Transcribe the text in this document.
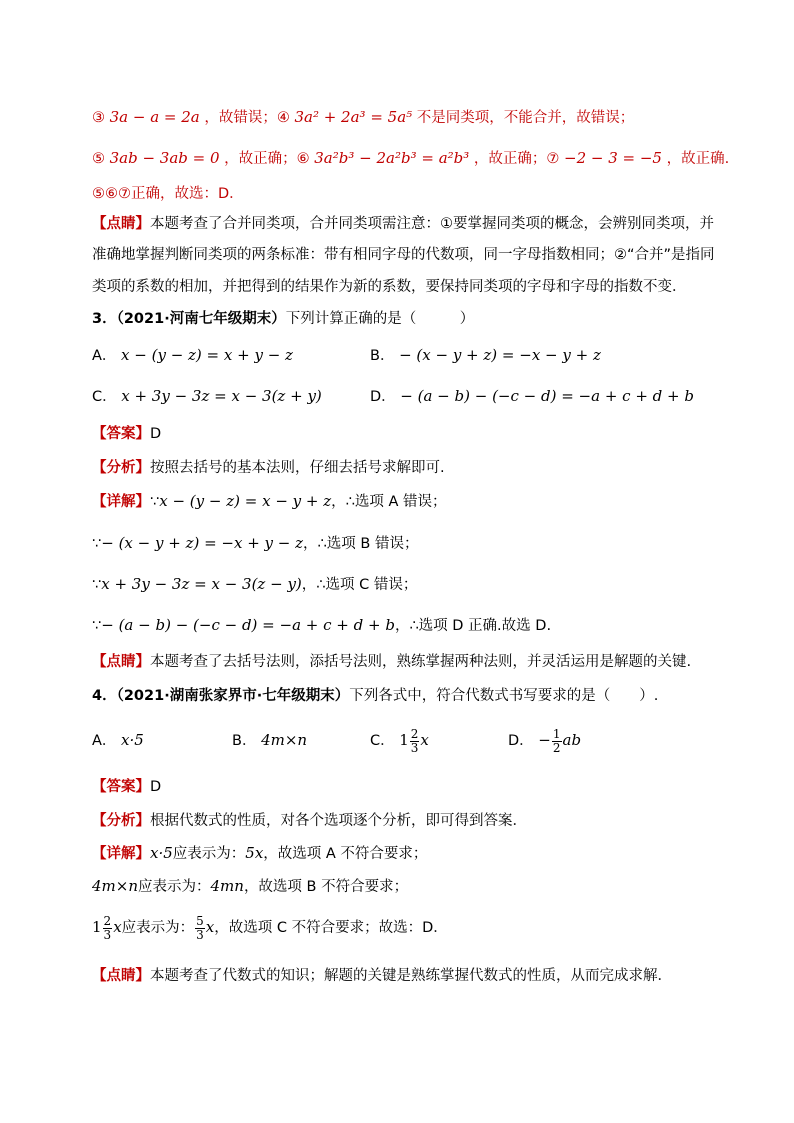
③ 3a − a = 2a ，故错误；④ 3a² + 2a³ = 5a⁵ 不是同类项，不能合并，故错误；
⑤ 3ab − 3ab = 0 ，故正确；⑥ 3a²b³ − 2a²b³ = a²b³ ，故正确；⑦ −2 − 3 = −5 ，故正确.
⑤⑥⑦正确，故选：D．
【点睛】本题考查了合并同类项，合并同类项需注意：①要掌握同类项的概念，会辨别同类项，并
准确地掌握判断同类项的两条标准：带有相同字母的代数项，同一字母指数相同；②“合并”是指同
类项的系数的相加，并把得到的结果作为新的系数，要保持同类项的字母和字母的指数不变．
3．（2021·河南七年级期末）下列计算正确的是（　　　）
A． x − (y − z) = x + y − z	B． − (x − y + z) = −x − y + z
C． x + 3y − 3z = x − 3(z + y)	D． − (a − b) − (−c − d) = −a + c + d + b
【答案】D
【分析】按照去括号的基本法则，仔细去括号求解即可.
【详解】∵x − (y − z) = x − y + z，∴选项 A 错误；
∵− (x − y + z) = −x + y − z，∴选项 B 错误；
∵x + 3y − 3z = x − 3(z − y)，∴选项 C 错误；
∵− (a − b) − (−c − d) = −a + c + d + b，∴选项 D 正确.故选 D.
【点睛】本题考查了去括号法则，添括号法则，熟练掌握两种法则，并灵活运用是解题的关键.
4．（2021·湖南张家界市·七年级期末）下列各式中，符合代数式书写要求的是（　　）.
A． x·5	B． 4m×n	C． $1 \frac{2}{3}$ x	D． − $\frac{1}{2}$ ab
【答案】D
【分析】根据代数式的性质，对各个选项逐个分析，即可得到答案．
【详解】x·5应表示为：5x，故选项 A 不符合要求；
4m×n应表示为：4mn，故选项 B 不符合要求；
$1 \frac{2}{3}$ x应表示为： $\frac{5}{3}$ x，故选项 C 不符合要求；故选：D．
【点睛】本题考查了代数式的知识；解题的关键是熟练掌握代数式的性质，从而完成求解．
